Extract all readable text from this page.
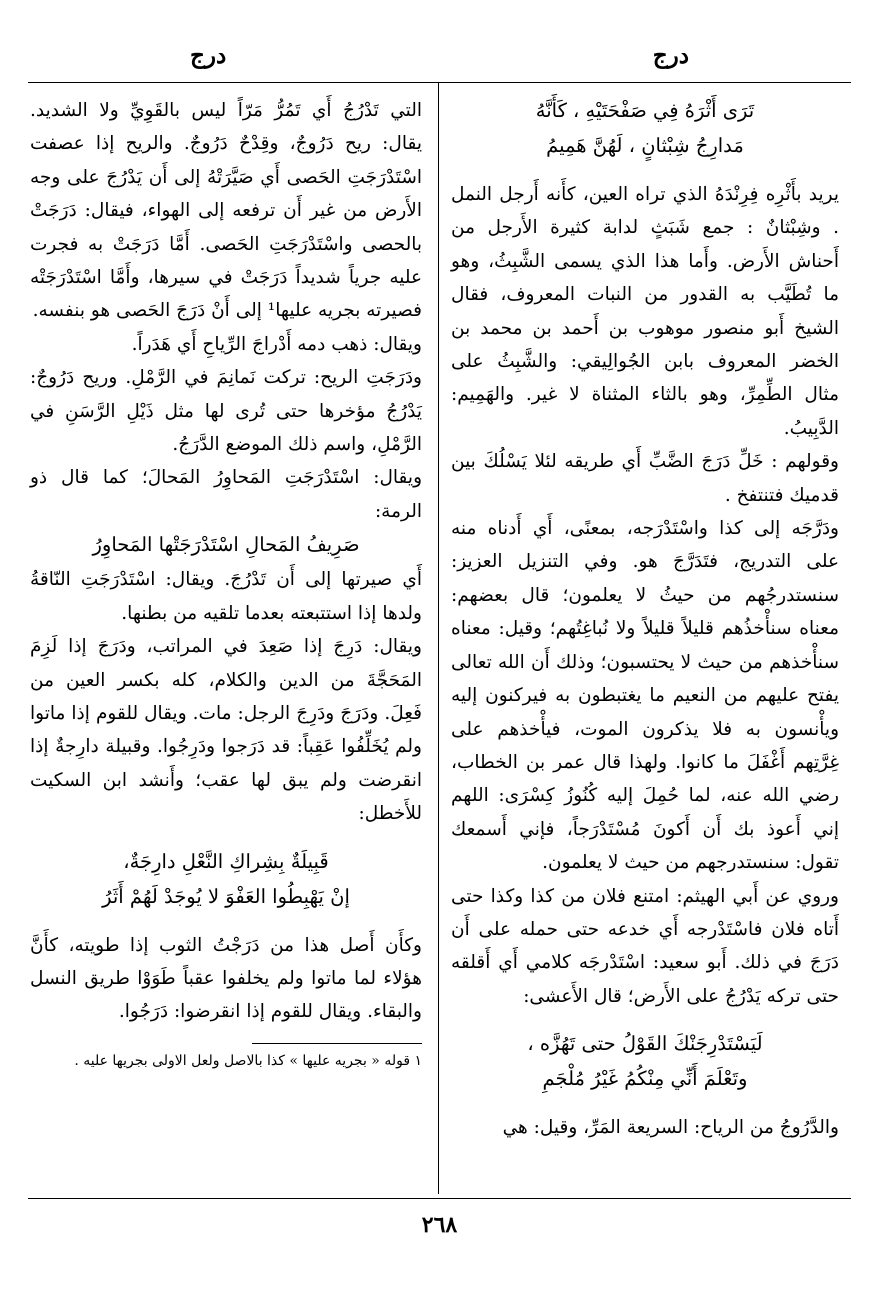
درج
درج
تَرَى أَثْرَهُ فِي صَفْحَتَيْهِ ، كَأَنَّهُ
مَدارِجُ شِبْثانٍ ، لَهُنَّ هَمِيمُ

يريد بأَثْرِه فِرِنْدَهُ الذي تراه العين، كأَنه أَرجل النمل . وشِبْثانٌ : جمع شَبَثٍ لدابة كثيرة الأَرجل من أَحناش الأَرض. وأَما هذا الذي يسمى الشَّبِثُ، وهو ما تُطَيَّب به القدور من النبات المعروف، فقال الشيخ أَبو منصور موهوب بن أَحمد بن محمد بن الخضر المعروف بابن الجُوالِيقي: والشَّبِثُ على مثال الطِّمِرِّ، وهو بالثاء المثناة لا غير. والهَمِيم: الدَّبِيبُ.

وقولهم : خَلِّ دَرَجَ الضَّبِّ أَي طريقه لئلا يَسْلُكَ بين قدميك فتنتفخ .

ودَرَّجَه إلى كذا واسْتَدْرَجه، بمعنًى، أَي أَدناه منه على التدريج، فتَدَرَّجَ هو. وفي التنزيل العزيز: سنستدرجُهم من حيثُ لا يعلمون؛ قال بعضهم: معناه سنأْخذُهم قليلاً قليلاً ولا نُباغِتُهم؛ وقيل: معناه سنأْخذهم من حيث لا يحتسبون؛ وذلك أَن الله تعالى يفتح عليهم من النعيم ما يغتبطون به فيركنون إليه ويأْنسون به فلا يذكرون الموت، فيأْخذهم على غِرَّتِهم أَغْفَلَ ما كانوا. ولهذا قال عمر بن الخطاب، رضي الله عنه، لما حُمِلَ إليه كُنُوزُ كِسْرَى: اللهم إني أَعوذ بك أَن أَكونَ مُسْتَدْرَجاً، فإني أَسمعك تقول: سنستدرجهم من حيث لا يعلمون.

وروي عن أَبي الهيثم: امتنع فلان من كذا وكذا حتى أَتاه فلان فاسْتَدْرجه أَي خدعه حتى حمله على أَن دَرَجَ في ذلك. أَبو سعيد: اسْتَدْرجَه كلامي أَي أَقلقه حتى تركه يَدْرُجُ على الأَرض؛ قال الأَعشى:

لَيَسْتَدْرِجَنْكَ القَوْلُ حتى تَهُزَّه ،
وتَعْلَمَ أَنِّي مِنْكُمُ غَيْرُ مُلْجَمِ

والدَّرُوجُ من الرياح: السريعة المَرِّ، وقيل: هي

التي تَدْرُجُ أَي تَمُرُّ مَرّاً ليس بالقَوِيِّ ولا الشديد. يقال: ريح دَرُوجٌ، وقِدْحٌ دَرُوجٌ. والريح إذا عصفت اسْتَدْرَجَتِ الحَصى أَي صَيَّرَتْهُ إلى أَن يَدْرُجَ على وجه الأَرض من غير أَن ترفعه إلى الهواء، فيقال: دَرَجَتْ بالحصى واسْتَدْرَجَتِ الحَصى. أَمَّا دَرَجَتْ به فجرت عليه جرياً شديداً دَرَجَتْ في سيرها، وأَمَّا اسْتَدْرَجَتْه فصيرته بجريه عليها¹ إلى أَنْ دَرَجَ الحَصى هو بنفسه.

ويقال: ذهب دمه أَدْراجَ الرِّياحِ أَي هَدَراً.

ودَرَجَتِ الريح: تركت نَمانِمَ في الرَّمْلِ. وريح دَرُوجٌ: يَدْرُجُ مؤخرها حتى تُرى لها مثل ذَيْلِ الرَّسَنِ في الرَّمْلِ، واسم ذلك الموضع الدَّرَجُ.

ويقال: اسْتَدْرَجَتِ المَحاوِرُ المَحالَ؛ كما قال ذو الرمة:

صَرِيفُ المَحالِ اسْتَدْرَجَتْها المَحاوِرُ

أَي صيرتها إلى أَن تَدْرُجَ. ويقال: اسْتَدْرَجَتِ النّاقةُ ولدها إذا استتبعته بعدما تلقيه من بطنها.

ويقال: دَرِجَ إذا صَعِدَ في المراتب، ودَرَجَ إذا لَزِمَ المَحَجَّةَ من الدين والكلام، كله بكسر العين من فَعِلَ. ودَرَجَ ودَرِجَ الرجل: مات. ويقال للقوم إذا ماتوا ولم يُخَلِّفُوا عَقِباً: قد دَرَجوا ودَرِجُوا. وقبيلة دارِجةٌ إذا انقرضت ولم يبق لها عقب؛ وأَنشد ابن السكيت للأَخطل:

قَبِيلَةٌ بِشِراكِ النَّعْلِ دارِجَةٌ،
إنْ يَهْبِطُوا العَفْوَ لا يُوجَدْ لَهُمْ أَثَرُ

وكأَن أَصل هذا من دَرَجْتُ الثوب إذا طويته، كأَنَّ هؤلاء لما ماتوا ولم يخلفوا عقباً طَوَوْا طريق النسل والبقاء. ويقال للقوم إذا انقرضوا: دَرَجُوا.

١ قوله « بجريه عليها » كذا بالاصل ولعل الاولى بجريها عليه .

٢٦٨
